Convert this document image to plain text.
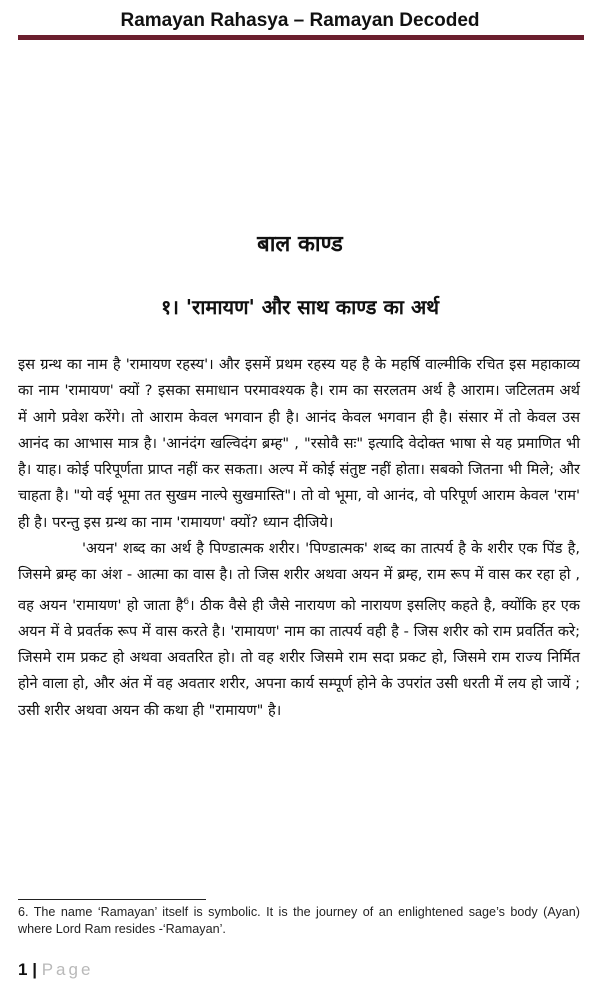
Ramayan Rahasya – Ramayan Decoded
बाल काण्ड
१। 'रामायण' और साथ काण्ड का अर्थ

इस ग्रन्थ का नाम है 'रामायण रहस्य'। और इसमें प्रथम रहस्य यह है के महर्षि वाल्मीकि रचित इस महाकाव्य का नाम 'रामायण' क्यों ? इसका समाधान परमावश्यक है। राम का सरलतम अर्थ है आराम। जटिलतम अर्थ में आगे प्रवेश करेंगे। तो आराम केवल भगवान ही है। आनंद केवल भगवान ही है। संसार में तो केवल उस आनंद का आभास मात्र है। 'आनंदंग खल्विदंग ब्रम्ह" , "रसोवै सः" इत्यादि वेदोक्त भाषा से यह प्रमाणित भी है। याह। कोई परिपूर्णता प्राप्त नहीं कर सकता। अल्प में कोई संतुष्ट नहीं होता। सबको जितना भी मिले; और चाहता है। "यो वई भूमा तत सुखम नाल्पे सुखमास्ति"। तो वो भूमा, वो आनंद, वो परिपूर्ण आराम केवल 'राम' ही है। परन्तु इस ग्रन्थ का नाम 'रामायण' क्यों? ध्यान दीजिये।

'अयन' शब्द का अर्थ है पिण्डात्मक शरीर। 'पिण्डात्मक' शब्द का तात्पर्य है के शरीर एक पिंड है, जिसमे ब्रम्ह का अंश - आत्मा का वास है। तो जिस शरीर अथवा अयन में ब्रम्ह, राम रूप में वास कर रहा हो , वह अयन 'रामायण' हो जाता है$^6$। ठीक वैसे ही जैसे नारायण को नारायण इसलिए कहते है, क्योंकि हर एक अयन में वे प्रवर्तक रूप में वास करते है। 'रामायण' नाम का तात्पर्य वही है - जिस शरीर को राम प्रवर्तित करे; जिसमे राम प्रकट हो अथवा अवतरित हो। तो वह शरीर जिसमे राम सदा प्रकट हो, जिसमे राम राज्य निर्मित होने वाला हो, और अंत में वह अवतार शरीर, अपना कार्य सम्पूर्ण होने के उपरांत उसी धरती में लय हो जायें ; उसी शरीर अथवा अयन की कथा ही "रामायण" है।

6. The name ‘Ramayan’ itself is symbolic. It is the journey of an enlightened sage’s body (Ayan) where Lord Ram resides -‘Ramayan’.
1 | Page
